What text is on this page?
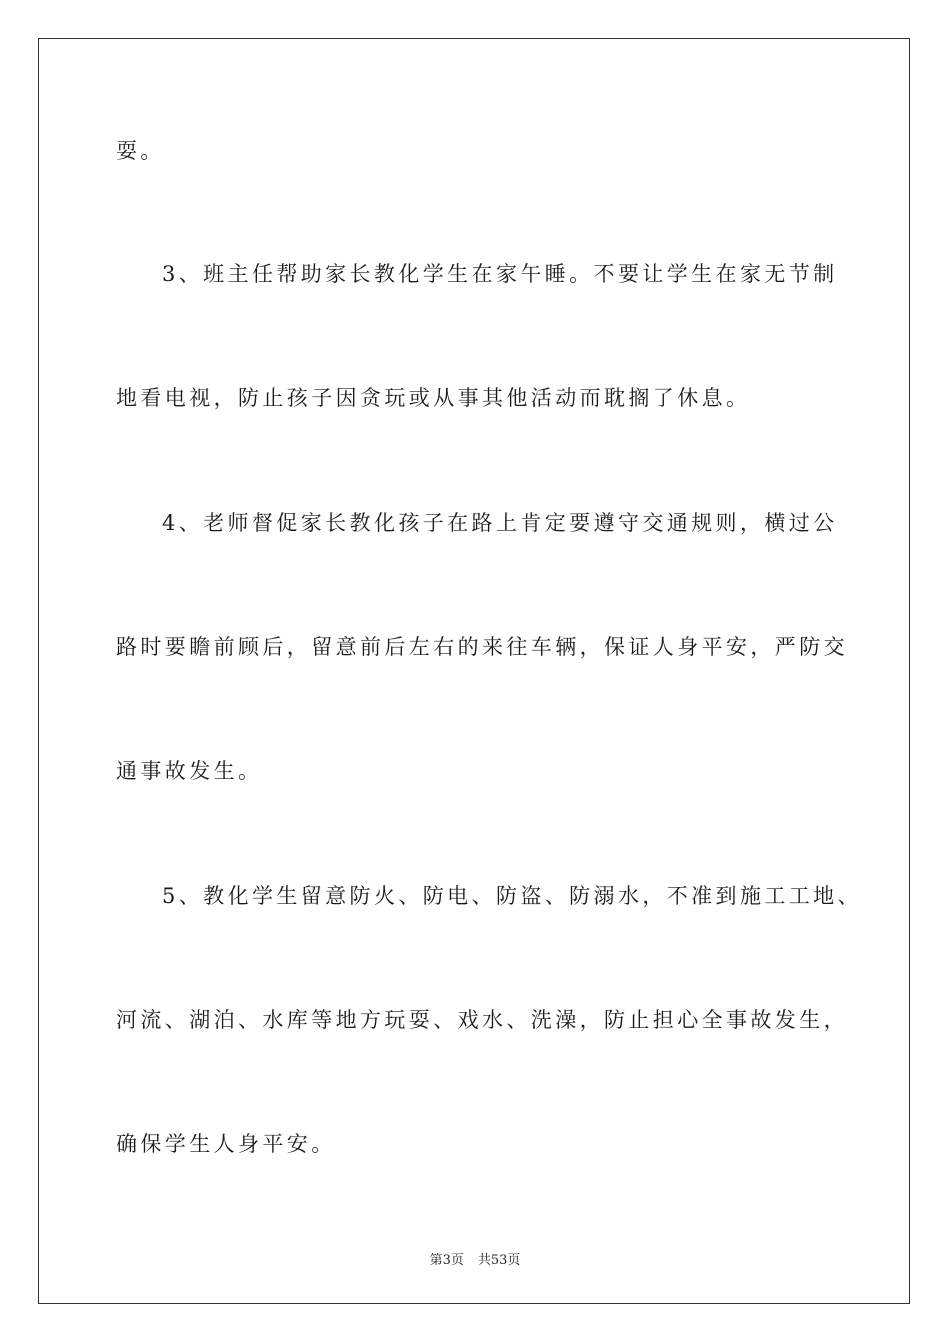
耍。
3、班主任帮助家长教化学生在家午睡。不要让学生在家无节制
地看电视，防止孩子因贪玩或从事其他活动而耽搁了休息。
4、老师督促家长教化孩子在路上肯定要遵守交通规则，横过公
路时要瞻前顾后，留意前后左右的来往车辆，保证人身平安，严防交
通事故发生。
5、教化学生留意防火、防电、防盗、防溺水，不准到施工工地、
河流、湖泊、水库等地方玩耍、戏水、洗澡，防止担心全事故发生，
确保学生人身平安。
第3页 共53页
